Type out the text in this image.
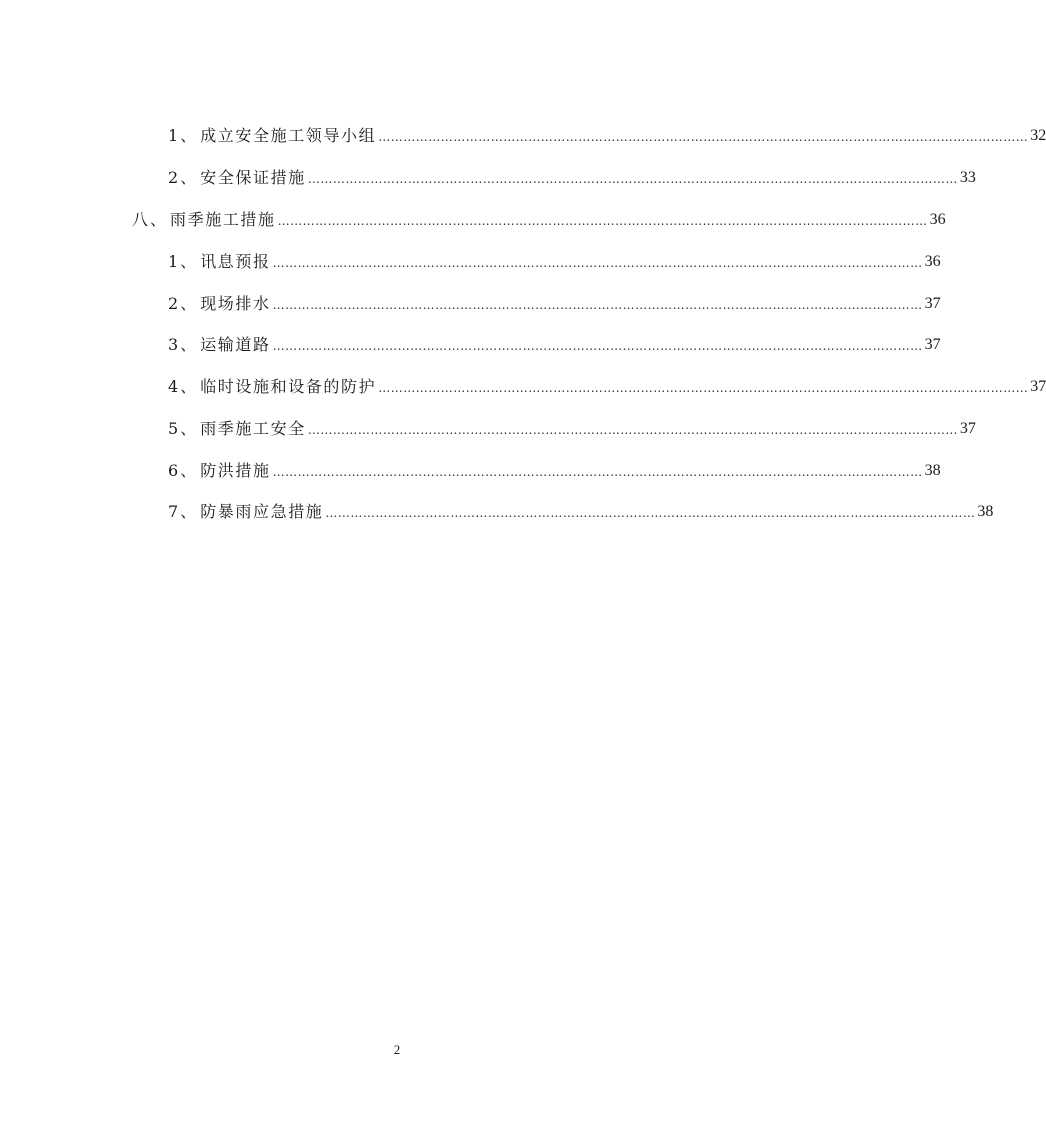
1 、 成立安全施工领导小组 ………………………………………………………………………………………………………………………………………… 32
2 、 安全保证措施 ………………………………………………………………………………………………………………………………………… 33
八 、 雨季施工措施 ………………………………………………………………………………………………………………………………………… 36
1 、 讯息预报 ………………………………………………………………………………………………………………………………………… 36
2 、 现场排水 ………………………………………………………………………………………………………………………………………… 37
3 、 运输道路 ………………………………………………………………………………………………………………………………………… 37
4 、 临时设施和设备的防护 ………………………………………………………………………………………………………………………………………… 37
5 、 雨季施工安全 ………………………………………………………………………………………………………………………………………… 37
6 、 防洪措施 ………………………………………………………………………………………………………………………………………… 38
7 、 防暴雨应急措施 ………………………………………………………………………………………………………………………………………… 38
2
